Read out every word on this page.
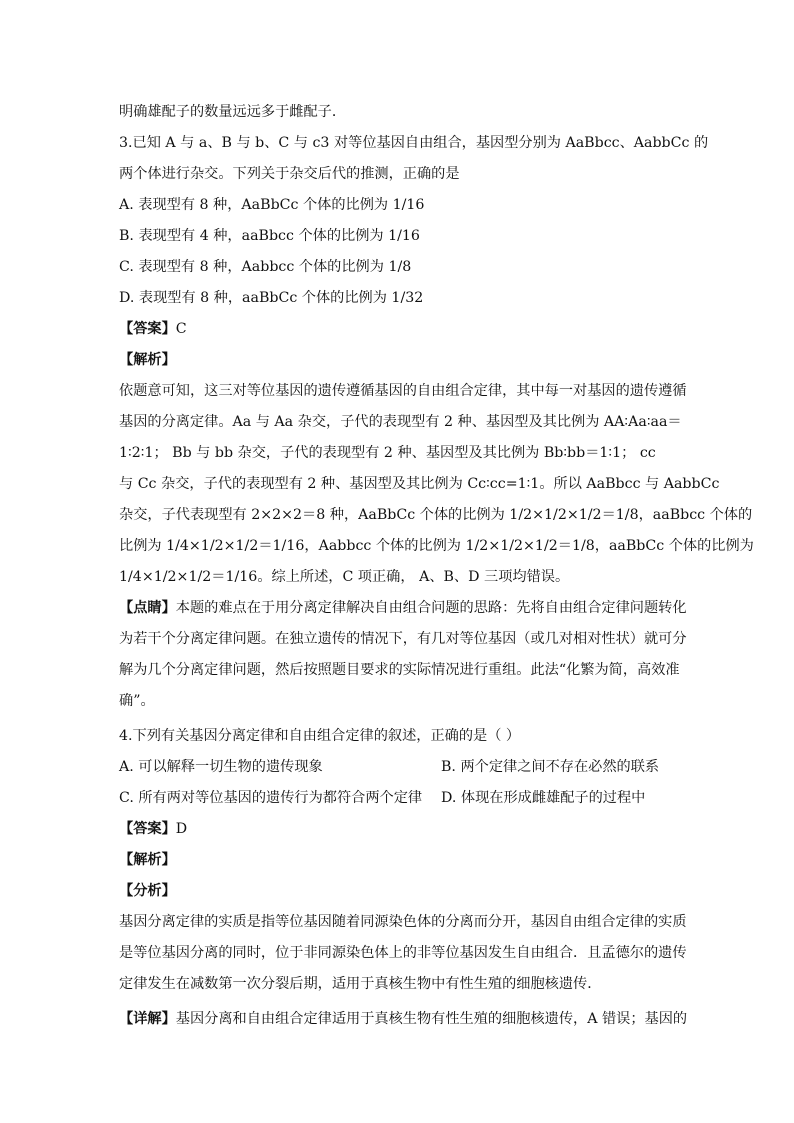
明确雄配子的数量远远多于雌配子．
3.已知 A 与 a、B 与 b、C 与 c3 对等位基因自由组合，基因型分别为 AaBbcc、AabbCc 的
两个体进行杂交。下列关于杂交后代的推测，正确的是
A. 表现型有 8 种，AaBbCc 个体的比例为 1/16
B. 表现型有 4 种，aaBbcc 个体的比例为 1/16
C. 表现型有 8 种，Aabbcc 个体的比例为 1/8
D. 表现型有 8 种，aaBbCc 个体的比例为 1/32
【答案】C
【解析】
依题意可知，这三对等位基因的遗传遵循基因的自由组合定律，其中每一对基因的遗传遵循
基因的分离定律。Aa 与 Aa 杂交，子代的表现型有 2 种、基因型及其比例为 AA∶Aa∶aa＝
1∶2∶1； Bb 与 bb 杂交，子代的表现型有 2 种、基因型及其比例为 Bb∶bb＝1∶1； cc
与 Cc 杂交，子代的表现型有 2 种、基因型及其比例为 Cc∶cc=1∶1。所以 AaBbcc 与 AabbCc
杂交，子代表现型有 2×2×2＝8 种，AaBbCc 个体的比例为 1/2×1/2×1/2＝1/8，aaBbcc 个体的
比例为 1/4×1/2×1/2＝1/16，Aabbcc 个体的比例为 1/2×1/2×1/2＝1/8，aaBbCc 个体的比例为
1/4×1/2×1/2＝1/16。综上所述，C 项正确， A、B、D 三项均错误。
【点睛】本题的难点在于用分离定律解决自由组合问题的思路：先将自由组合定律问题转化
为若干个分离定律问题。在独立遗传的情况下，有几对等位基因（或几对相对性状）就可分
解为几个分离定律问题，然后按照题目要求的实际情况进行重组。此法“化繁为简，高效准
确”。
4.下列有关基因分离定律和自由组合定律的叙述，正确的是（ ）
A. 可以解释一切生物的遗传现象	B. 两个定律之间不存在必然的联系
C. 所有两对等位基因的遗传行为都符合两个定律	D. 体现在形成雌雄配子的过程中
【答案】D
【解析】
【分析】
基因分离定律的实质是指等位基因随着同源染色体的分离而分开，基因自由组合定律的实质
是等位基因分离的同时，位于非同源染色体上的非等位基因发生自由组合．且孟德尔的遗传
定律发生在减数第一次分裂后期，适用于真核生物中有性生殖的细胞核遗传．
【详解】基因分离和自由组合定律适用于真核生物有性生殖的细胞核遗传，A 错误；基因的
